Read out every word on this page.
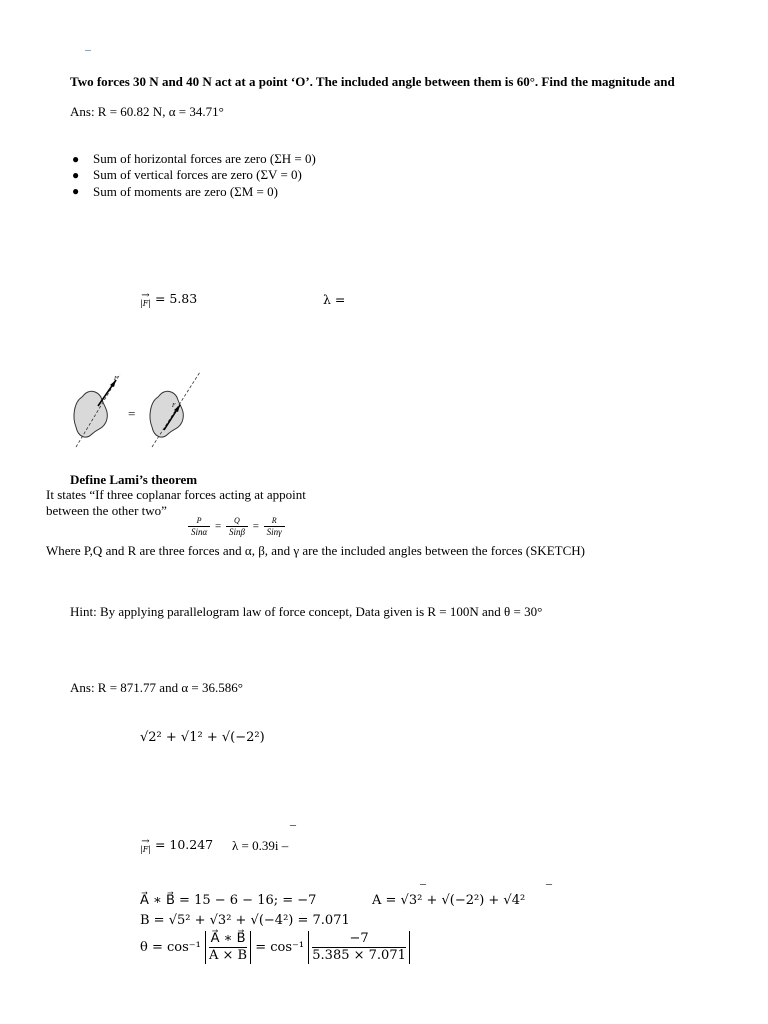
–
Two forces 30 N and 40 N act at a point ‘O’. The included angle between them is 60°. Find the magnitude and
Ans: R = 60.82 N, α = 34.71°
● Sum of horizontal forces are zero (ΣH = 0)
● Sum of vertical forces are zero (ΣV = 0)
● Sum of moments are zero (ΣM = 0)
→
|F| = 5.83	λ =
F
=	F
Define Lami’s theorem
It states “If three coplanar forces acting at appoint
between the other two”
$\frac{P}{\text{Sinα}} = \frac{Q}{\text{Sinβ}} = \frac{R}{\text{Sinγ}}$
Where P,Q and R are three forces and α, β, and γ are the included angles between the forces (SKETCH)
Hint: By applying parallelogram law of force concept, Data given is R = 100N and θ = 30°
Ans: R = 871.77 and α = 36.586°
√2² + √1² + √(−2²)
–
→
|F| = 10.247 λ = 0.39i –
–	–
A⃗ ∗ B⃗ = 15 − 6 − 16; = −7	A = √3² + √(−2²) + √4²
B = √5² + √3² + √(−4²) = 7.071
$\theta = \cos^{-1} \frac{A⃗ ∗ B⃗}{A \times B} = \cos^{-1} \frac{-7}{5.385 \times 7.071}$
